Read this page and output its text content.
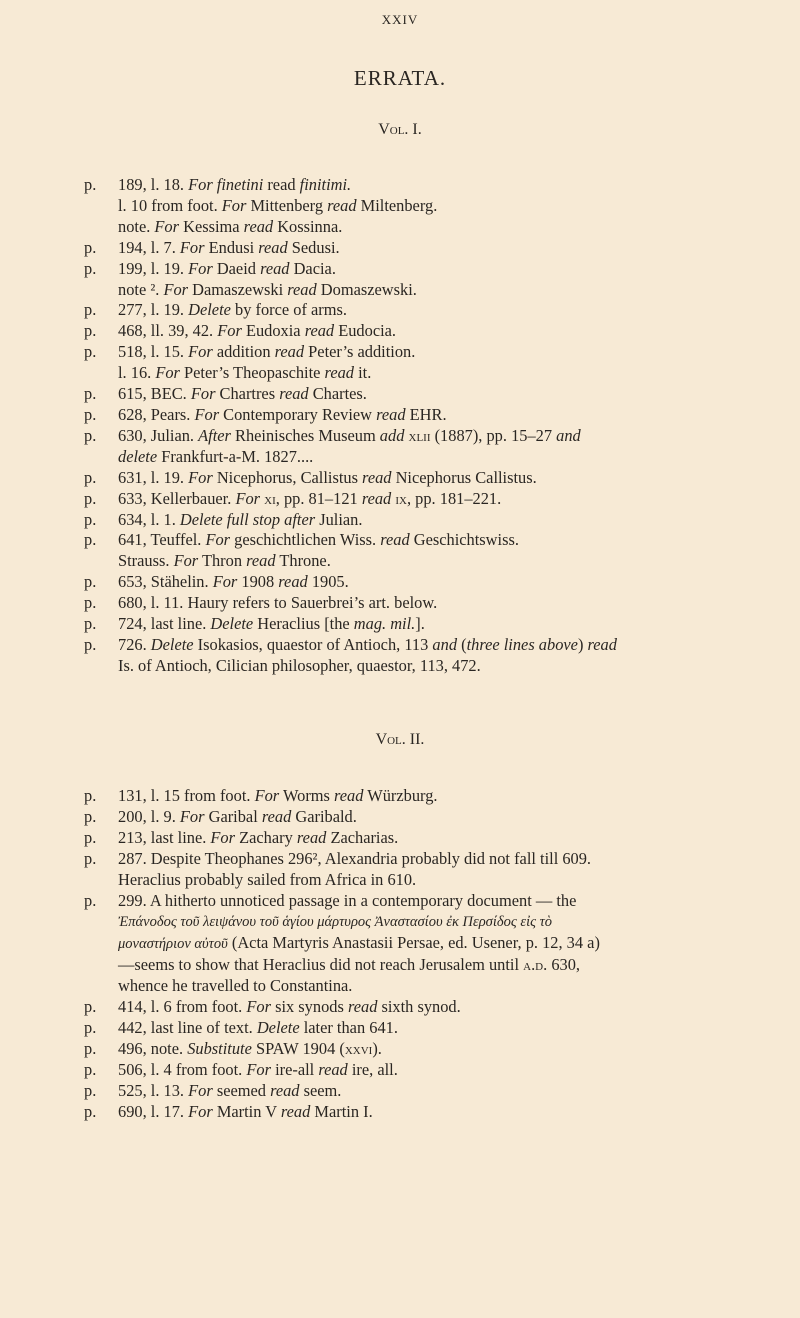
xxiv
ERRATA.
Vol. I.
p. 189, l. 18. For finetini read finitimi.
l. 10 from foot. For Mittenberg read Miltenberg.
note. For Kessima read Kossinna.
p. 194, l. 7. For Endusi read Sedusi.
p. 199, l. 19. For Daeid read Dacia.
note ². For Damaszewski read Domaszewski.
p. 277, l. 19. Delete by force of arms.
p. 468, ll. 39, 42. For Eudoxia read Eudocia.
p. 518, l. 15. For addition read Peter’s addition.
l. 16. For Peter’s Theopaschite read it.
p. 615, BEC. For Chartres read Chartes.
p. 628, Pears. For Contemporary Review read EHR.
p. 630, Julian. After Rheinisches Museum add xlii (1887), pp. 15–27 and
delete Frankfurt-a-M. 1827....
p. 631, l. 19. For Nicephorus, Callistus read Nicephorus Callistus.
p. 633, Kellerbauer. For xi, pp. 81–121 read ix, pp. 181–221.
p. 634, l. 1. Delete full stop after Julian.
p. 641, Teuffel. For geschichtlichen Wiss. read Geschichtswiss.
Strauss. For Thron read Throne.
p. 653, Stähelin. For 1908 read 1905.
p. 680, l. 11. Haury refers to Sauerbrei’s art. below.
p. 724, last line. Delete Heraclius [the mag. mil.].
p. 726. Delete Isokasios, quaestor of Antioch, 113 and (three lines above) read
Is. of Antioch, Cilician philosopher, quaestor, 113, 472.
Vol. II.
p. 131, l. 15 from foot. For Worms read Würzburg.
p. 200, l. 9. For Garibal read Garibald.
p. 213, last line. For Zachary read Zacharias.
p. 287. Despite Theophanes 296², Alexandria probably did not fall till 609.
Heraclius probably sailed from Africa in 610.
p. 299. A hitherto unnoticed passage in a contemporary document — the
Ἐπάνοδος τοῦ λειψάνου τοῦ ἁγίου μάρτυρος Ἀναστασίου ἐκ Περσίδος εἰς τὸ
μοναστήριον αὐτοῦ (Acta Martyris Anastasii Persae, ed. Usener, p. 12, 34 a)
—seems to show that Heraclius did not reach Jerusalem until a.d. 630,
whence he travelled to Constantina.
p. 414, l. 6 from foot. For six synods read sixth synod.
p. 442, last line of text. Delete later than 641.
p. 496, note. Substitute SPAW 1904 (xxvi).
p. 506, l. 4 from foot. For ire-all read ire, all.
p. 525, l. 13. For seemed read seem.
p. 690, l. 17. For Martin V read Martin I.
